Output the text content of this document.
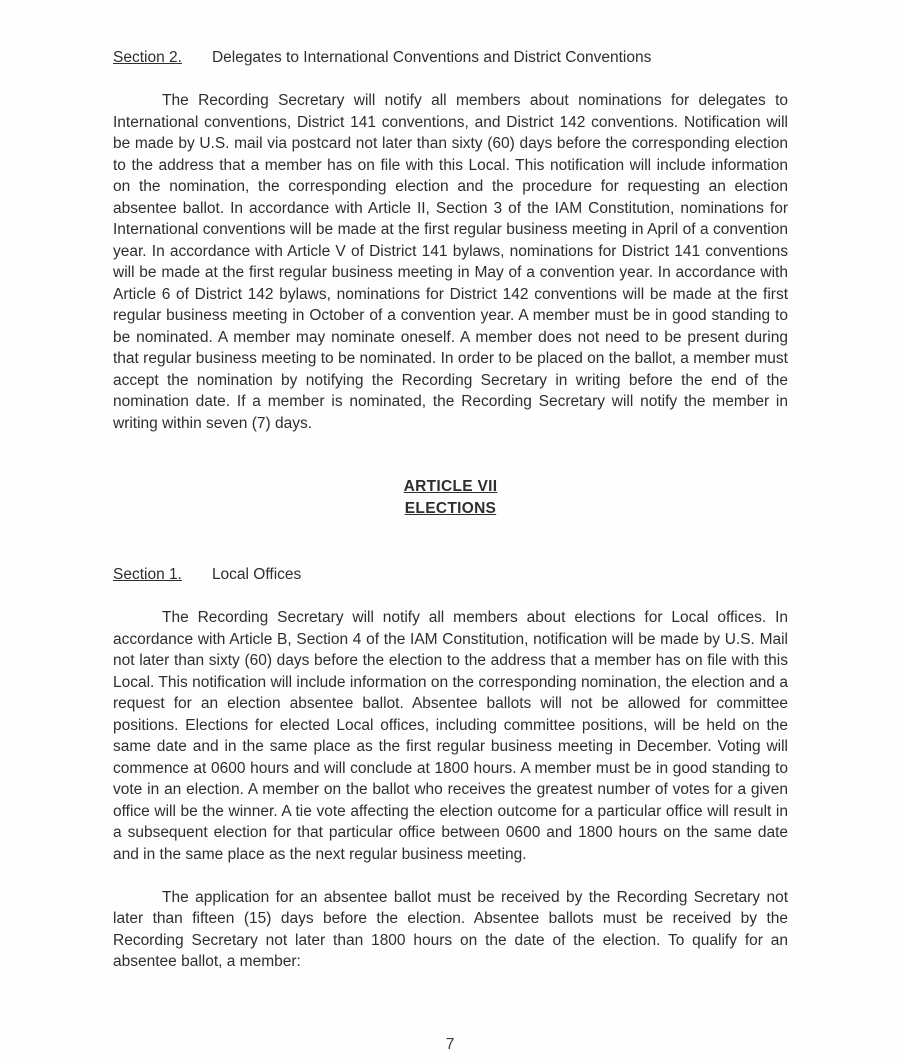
Section 2. Delegates to International Conventions and District Conventions

The Recording Secretary will notify all members about nominations for delegates to International conventions, District 141 conventions, and District 142 conventions. Notification will be made by U.S. mail via postcard not later than sixty (60) days before the corresponding election to the address that a member has on file with this Local. This notification will include information on the nomination, the corresponding election and the procedure for requesting an election absentee ballot. In accordance with Article II, Section 3 of the IAM Constitution, nominations for International conventions will be made at the first regular business meeting in April of a convention year. In accordance with Article V of District 141 bylaws, nominations for District 141 conventions will be made at the first regular business meeting in May of a convention year. In accordance with Article 6 of District 142 bylaws, nominations for District 142 conventions will be made at the first regular business meeting in October of a convention year. A member must be in good standing to be nominated. A member may nominate oneself. A member does not need to be present during that regular business meeting to be nominated. In order to be placed on the ballot, a member must accept the nomination by notifying the Recording Secretary in writing before the end of the nomination date. If a member is nominated, the Recording Secretary will notify the member in writing within seven (7) days.

ARTICLE VII
ELECTIONS
Section 1. Local Offices

The Recording Secretary will notify all members about elections for Local offices. In accordance with Article B, Section 4 of the IAM Constitution, notification will be made by U.S. Mail not later than sixty (60) days before the election to the address that a member has on file with this Local. This notification will include information on the corresponding nomination, the election and a request for an election absentee ballot. Absentee ballots will not be allowed for committee positions. Elections for elected Local offices, including committee positions, will be held on the same date and in the same place as the first regular business meeting in December. Voting will commence at 0600 hours and will conclude at 1800 hours. A member must be in good standing to vote in an election. A member on the ballot who receives the greatest number of votes for a given office will be the winner. A tie vote affecting the election outcome for a particular office will result in a subsequent election for that particular office between 0600 and 1800 hours on the same date and in the same place as the next regular business meeting.

The application for an absentee ballot must be received by the Recording Secretary not later than fifteen (15) days before the election. Absentee ballots must be received by the Recording Secretary not later than 1800 hours on the date of the election. To qualify for an absentee ballot, a member:

7
